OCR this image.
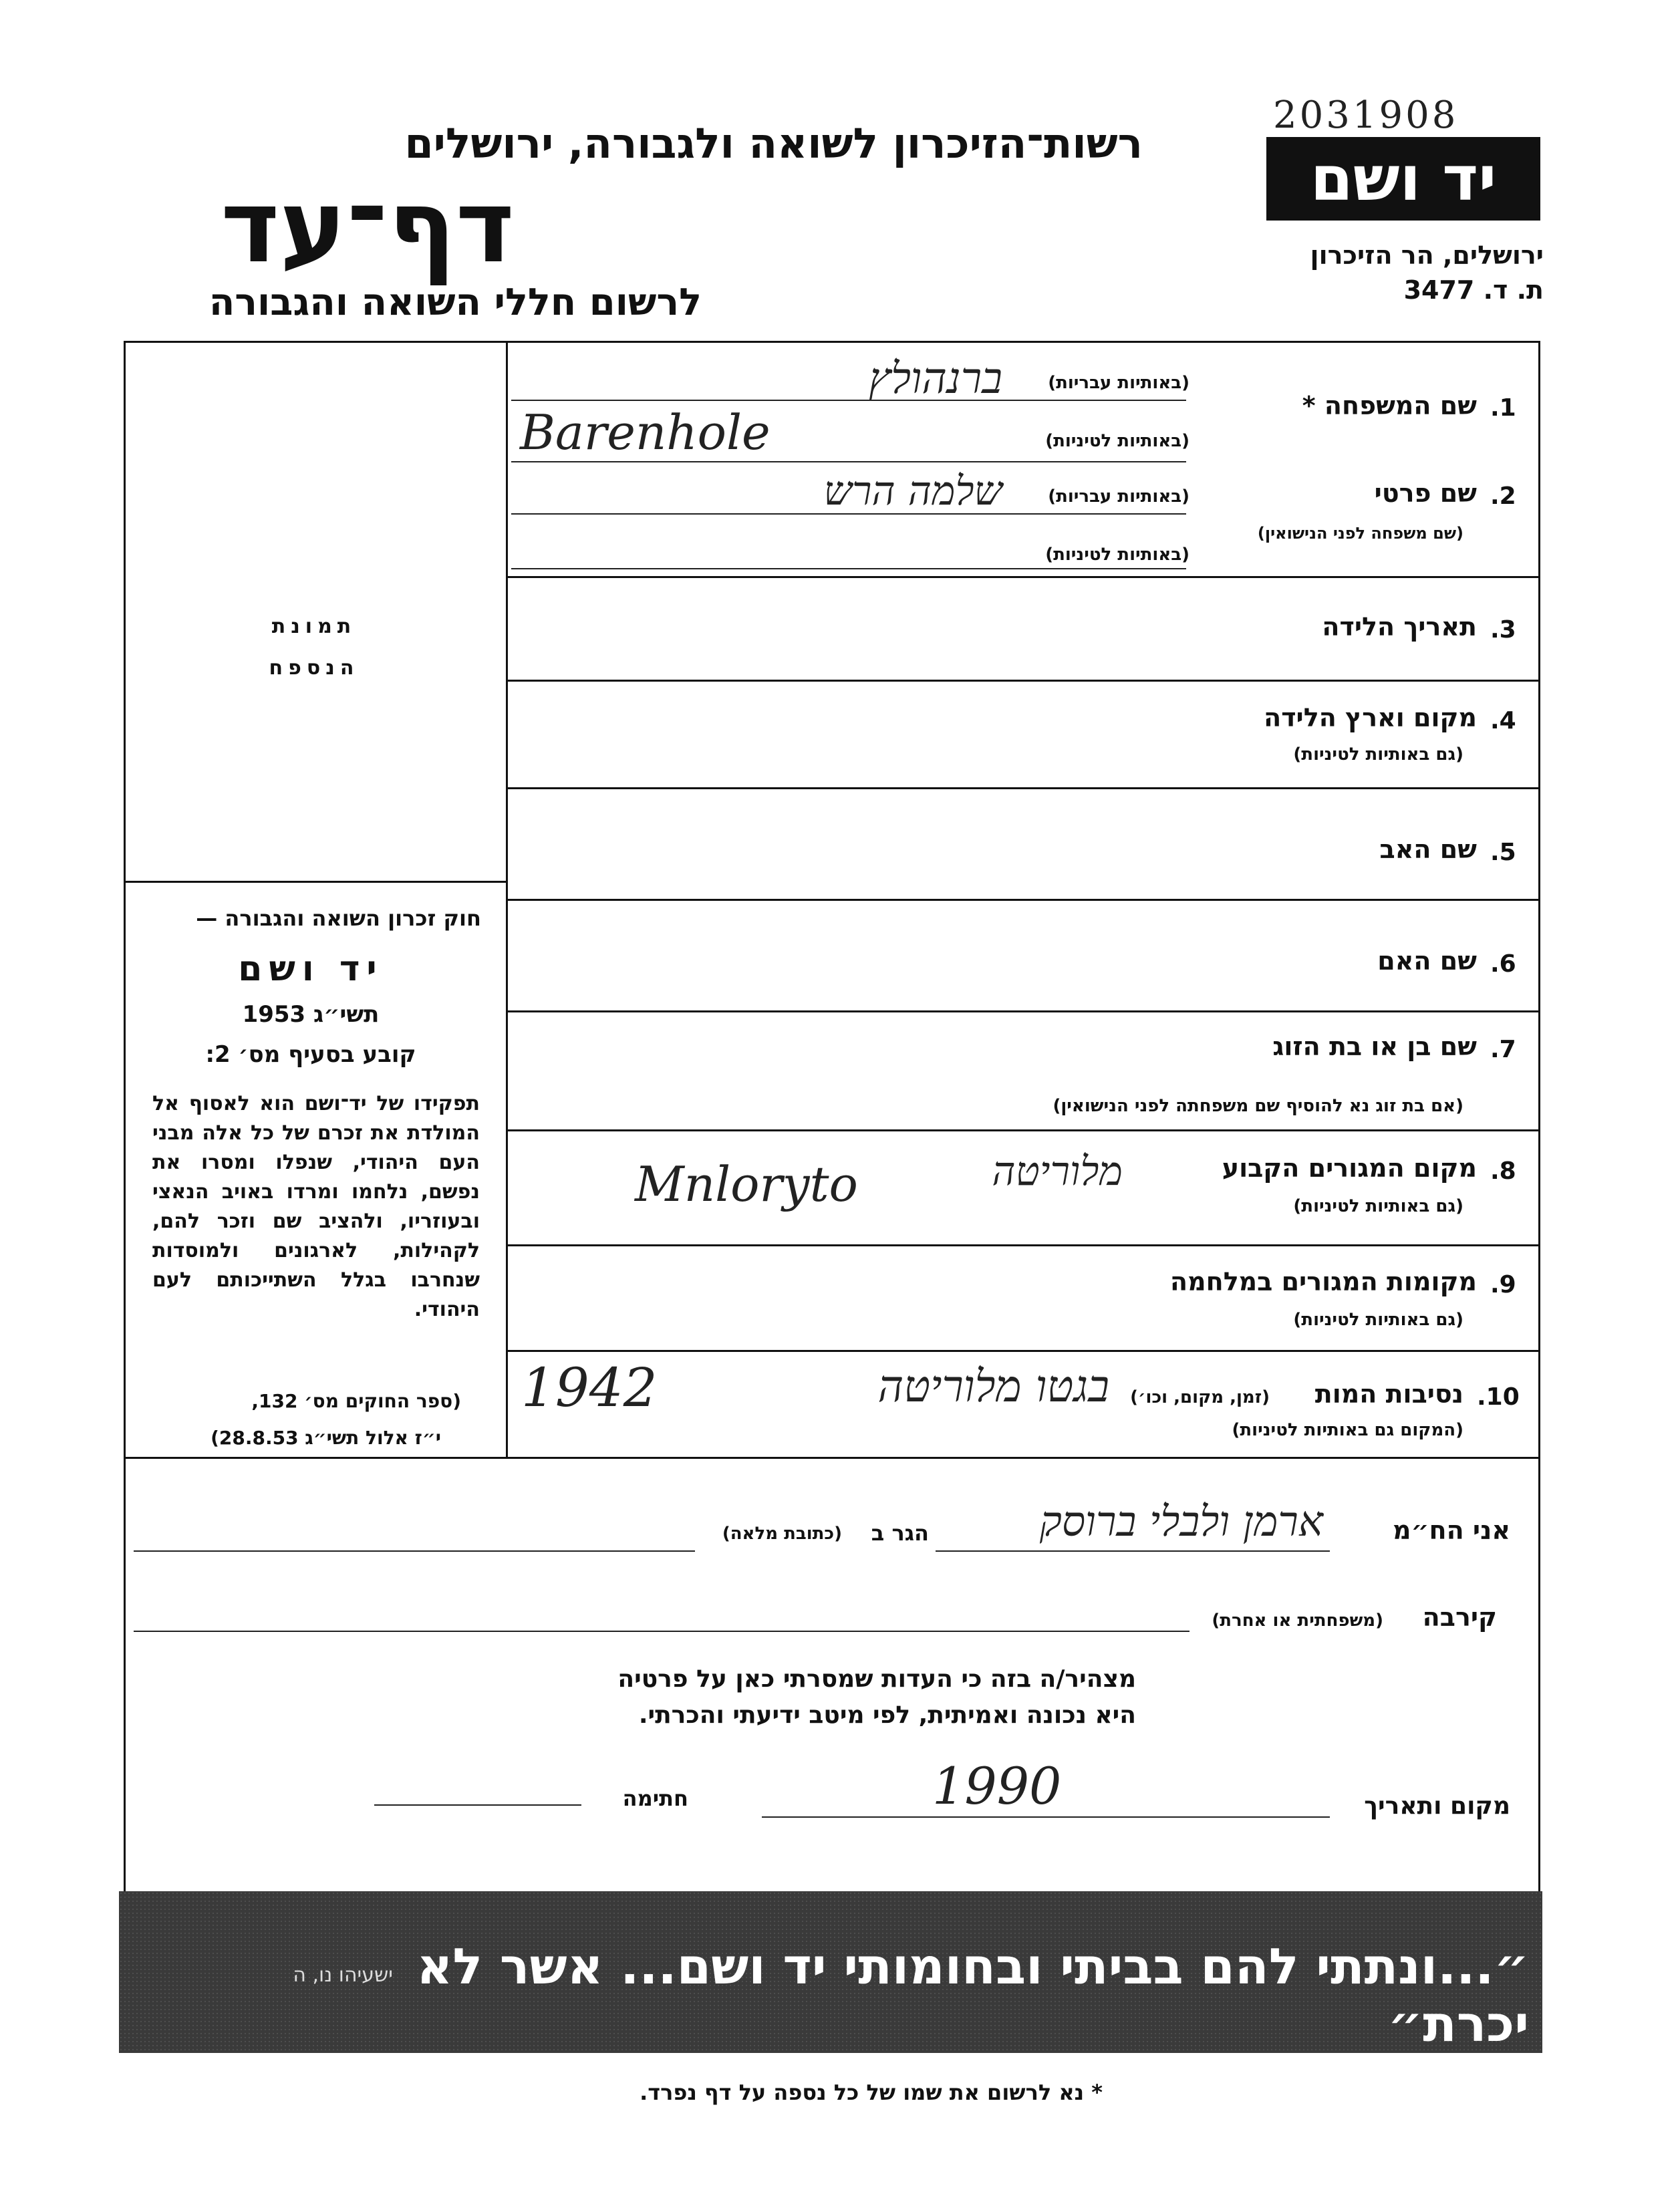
2031908
רשות־הזיכרון לשואה ולגבורה, ירושלים
דף־עד
לרשום חללי השואה והגבורה
יד ושם
ירושלים, הר הזיכרון
ת. ד. 3477
.1
שם המשפחה *
(באותיות עבריות)
ברנהולץ
(באותיות לטיניות)
Barenhole
.2
שם פרטי
(שם משפחה לפני הנישואין)
(באותיות עבריות)
שלמה הרש
(באותיות לטיניות)
.3
תאריך הלידה
.4
מקום וארץ הלידה
(גם באותיות לטיניות)
.5
שם האב
.6
שם האם
.7
שם בן או בת הזוג
(אם בת זוג נא להוסיף שם משפחתה לפני הנישואין)
.8
מקום המגורים הקבוע
(גם באותיות לטיניות)
מלוריטה
Mnloryto
.9
מקומות המגורים במלחמה
(גם באותיות לטיניות)
.10
נסיבות המות
(זמן, מקום, וכו׳)
(המקום גם באותיות לטיניות)
בגטו מלוריטה
1942
תמונת
הנספח
חוק זכרון השואה והגבורה —
יד ושם
תשי״ג 1953
קובע בסעיף מס׳ 2:
תפקידו של יד־ושם הוא לאסוף אל המולדת את זכרם של כל אלה מבני העם היהודי, שנפלו ומסרו את נפשם, נלחמו ומרדו באויב הנאצי ובעוזריו, ולהציב שם וזכר להם, לקהילות, לארגונים ולמוסדות שנחרבו בגלל השתייכותם לעם היהודי.
(ספר החוקים מס׳ 132,
י״ז אלול תשי״ג 28.8.53)
אני הח״מ
ארמן ולבלי ברוסק
הגר ב
(כתובת מלאה)
קירבה
(משפחתית או אחרת)
מצהיר/ה בזה כי העדות שמסרתי כאן על פרטיה
היא נכונה ואמיתית, לפי מיטב ידיעתי והכרתי.
מקום ותאריך
1990
חתימה
״...ונתתי להם בביתי ובחומותי יד ושם... אשר לא יכרת״
ישעיהו נו, ה
* נא לרשום את שמו של כל נספה על דף נפרד.
